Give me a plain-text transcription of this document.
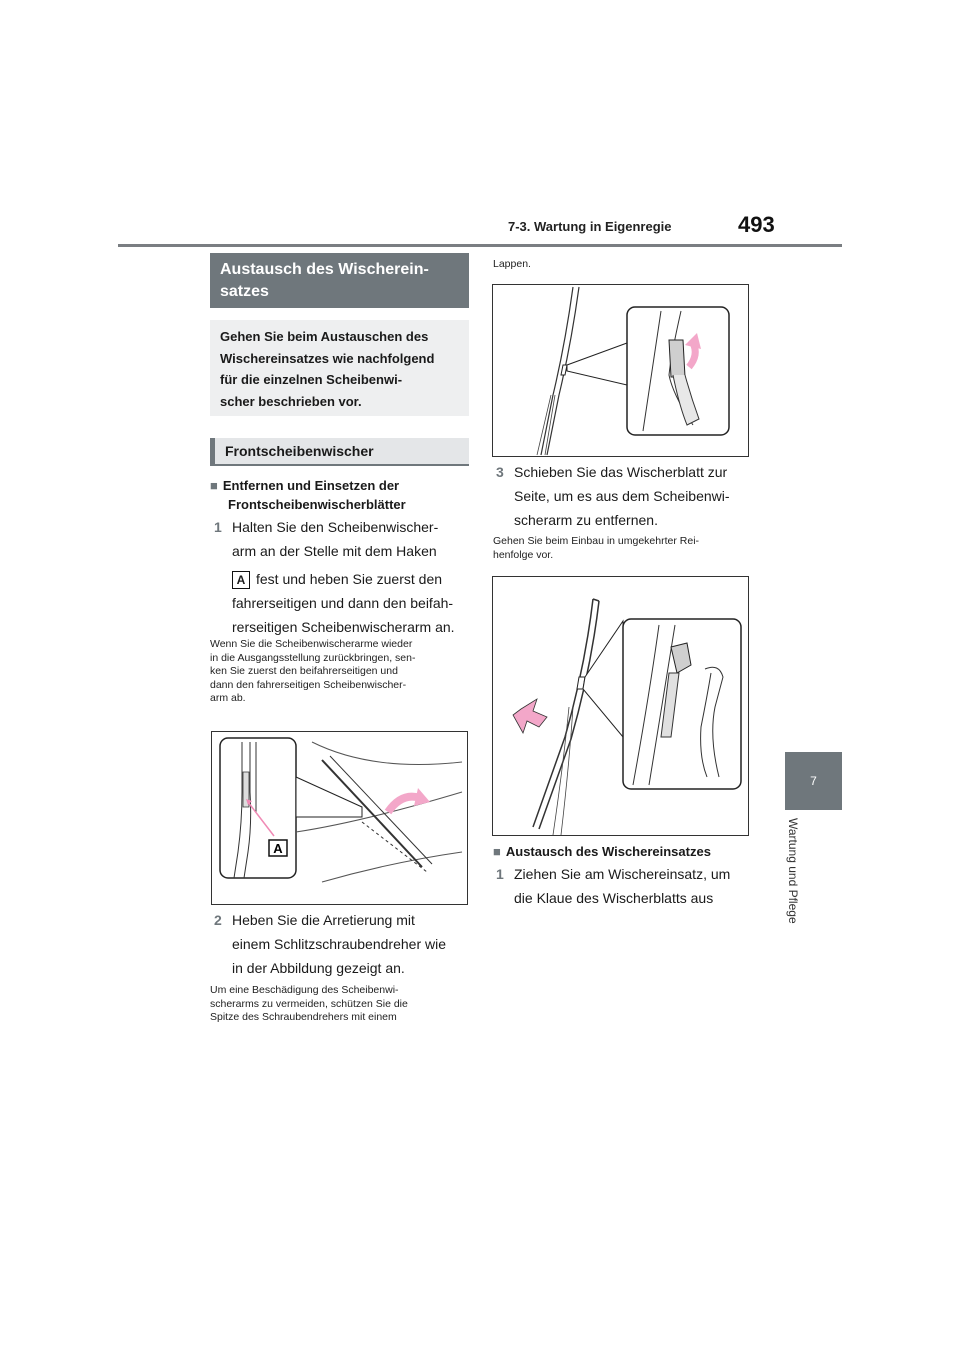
7-3. Wartung in Eigenregie	493
7
Wartung und Pflege
Austausch des Wischerein-
satzes
Gehen Sie beim Austauschen des
Wischereinsatzes wie nachfolgend
für die einzelnen Scheibenwi-
scher beschrieben vor.
Frontscheibenwischer
■ Entfernen und Einsetzen der
Frontscheibenwischerblätter
1 Halten Sie den Scheibenwischer-
arm an der Stelle mit dem Haken
A fest und heben Sie zuerst den
fahrerseitigen und dann den beifah-
rerseitigen Scheibenwischerarm an.
Wenn Sie die Scheibenwischerarme wieder
in die Ausgangsstellung zurückbringen, sen-
ken Sie zuerst den beifahrerseitigen und
dann den fahrerseitigen Scheibenwischer-
arm ab.
A
2 Heben Sie die Arretierung mit
einem Schlitzschraubendreher wie
in der Abbildung gezeigt an.
Um eine Beschädigung des Scheibenwi-
scherarms zu vermeiden, schützen Sie die
Spitze des Schraubendrehers mit einem
Lappen.
3 Schieben Sie das Wischerblatt zur
Seite, um es aus dem Scheibenwi-
scherarm zu entfernen.
Gehen Sie beim Einbau in umgekehrter Rei-
henfolge vor.
■ Austausch des Wischereinsatzes
1 Ziehen Sie am Wischereinsatz, um
die Klaue des Wischerblatts aus
